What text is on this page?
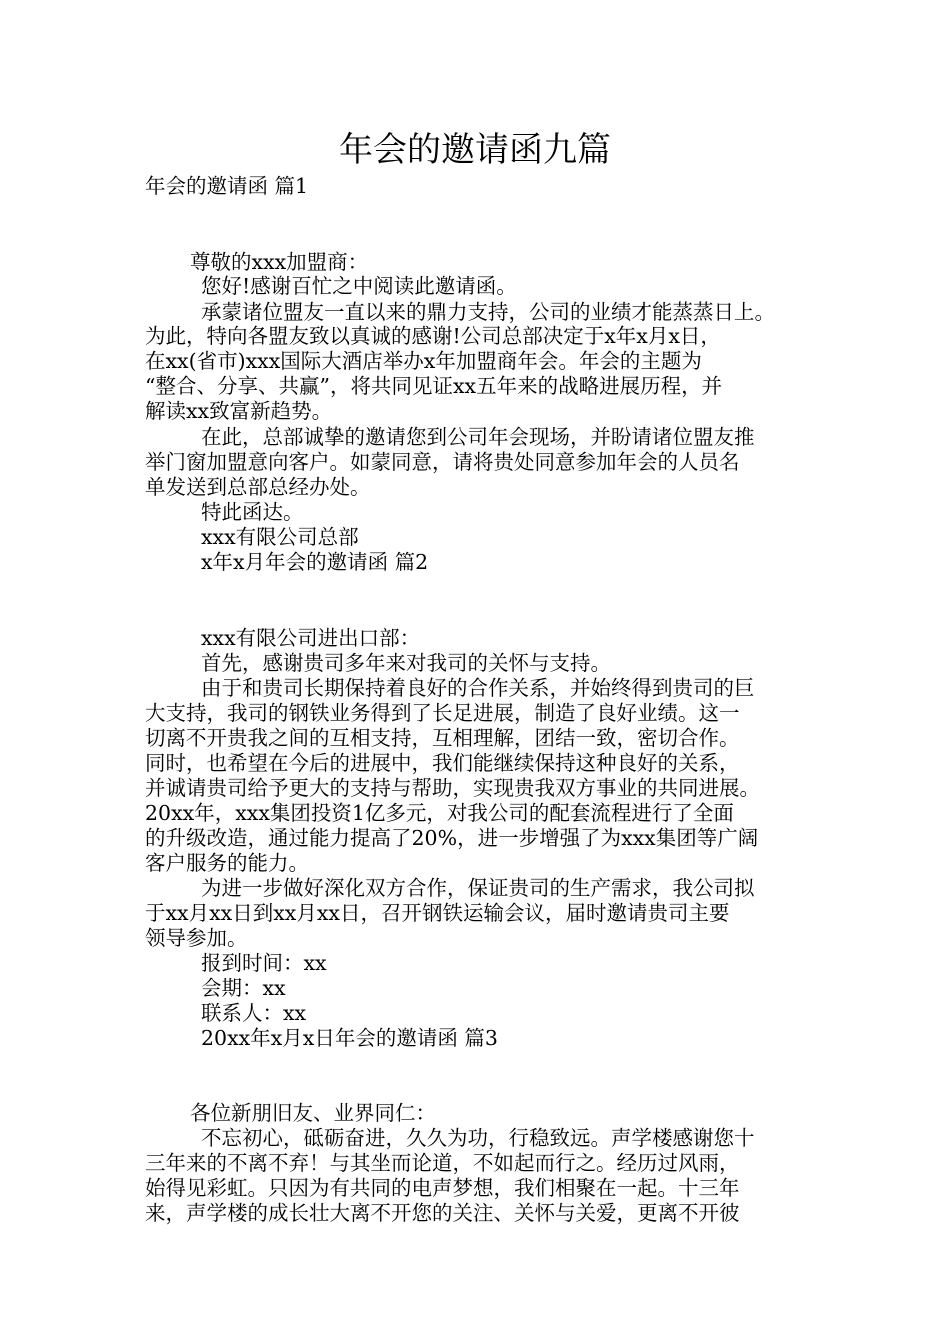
年会的邀请函九篇
年会的邀请函 篇1
尊敬的xxx加盟商：
您好!感谢百忙之中阅读此邀请函。
承蒙诸位盟友一直以来的鼎力支持，公司的业绩才能蒸蒸日上。
为此，特向各盟友致以真诚的感谢!公司总部决定于x年x月x日，
在xx(省市)xxx国际大酒店举办x年加盟商年会。年会的主题为
“整合、分享、共赢”，将共同见证xx五年来的战略进展历程，并
解读xx致富新趋势。
在此，总部诚挚的邀请您到公司年会现场，并盼请诸位盟友推
举门窗加盟意向客户。如蒙同意，请将贵处同意参加年会的人员名
单发送到总部总经办处。
特此函达。
xxx有限公司总部
x年x月年会的邀请函 篇2
xxx有限公司进出口部：
首先，感谢贵司多年来对我司的关怀与支持。
由于和贵司长期保持着良好的合作关系，并始终得到贵司的巨
大支持，我司的钢铁业务得到了长足进展，制造了良好业绩。这一
切离不开贵我之间的互相支持，互相理解，团结一致，密切合作。
同时，也希望在今后的进展中，我们能继续保持这种良好的关系，
并诚请贵司给予更大的支持与帮助，实现贵我双方事业的共同进展。
20xx年，xxx集团投资1亿多元，对我公司的配套流程进行了全面
的升级改造，通过能力提高了20%，进一步增强了为xxx集团等广阔
客户服务的能力。
为进一步做好深化双方合作，保证贵司的生产需求，我公司拟
于xx月xx日到xx月xx日，召开钢铁运输会议，届时邀请贵司主要
领导参加。
报到时间：xx
会期：xx
联系人：xx
20xx年x月x日年会的邀请函 篇3
各位新朋旧友、业界同仁：
不忘初心，砥砺奋进，久久为功，行稳致远。声学楼感谢您十
三年来的不离不弃！与其坐而论道，不如起而行之。经历过风雨，
始得见彩虹。只因为有共同的电声梦想，我们相聚在一起。十三年
来，声学楼的成长壮大离不开您的关注、关怀与关爱，更离不开彼
